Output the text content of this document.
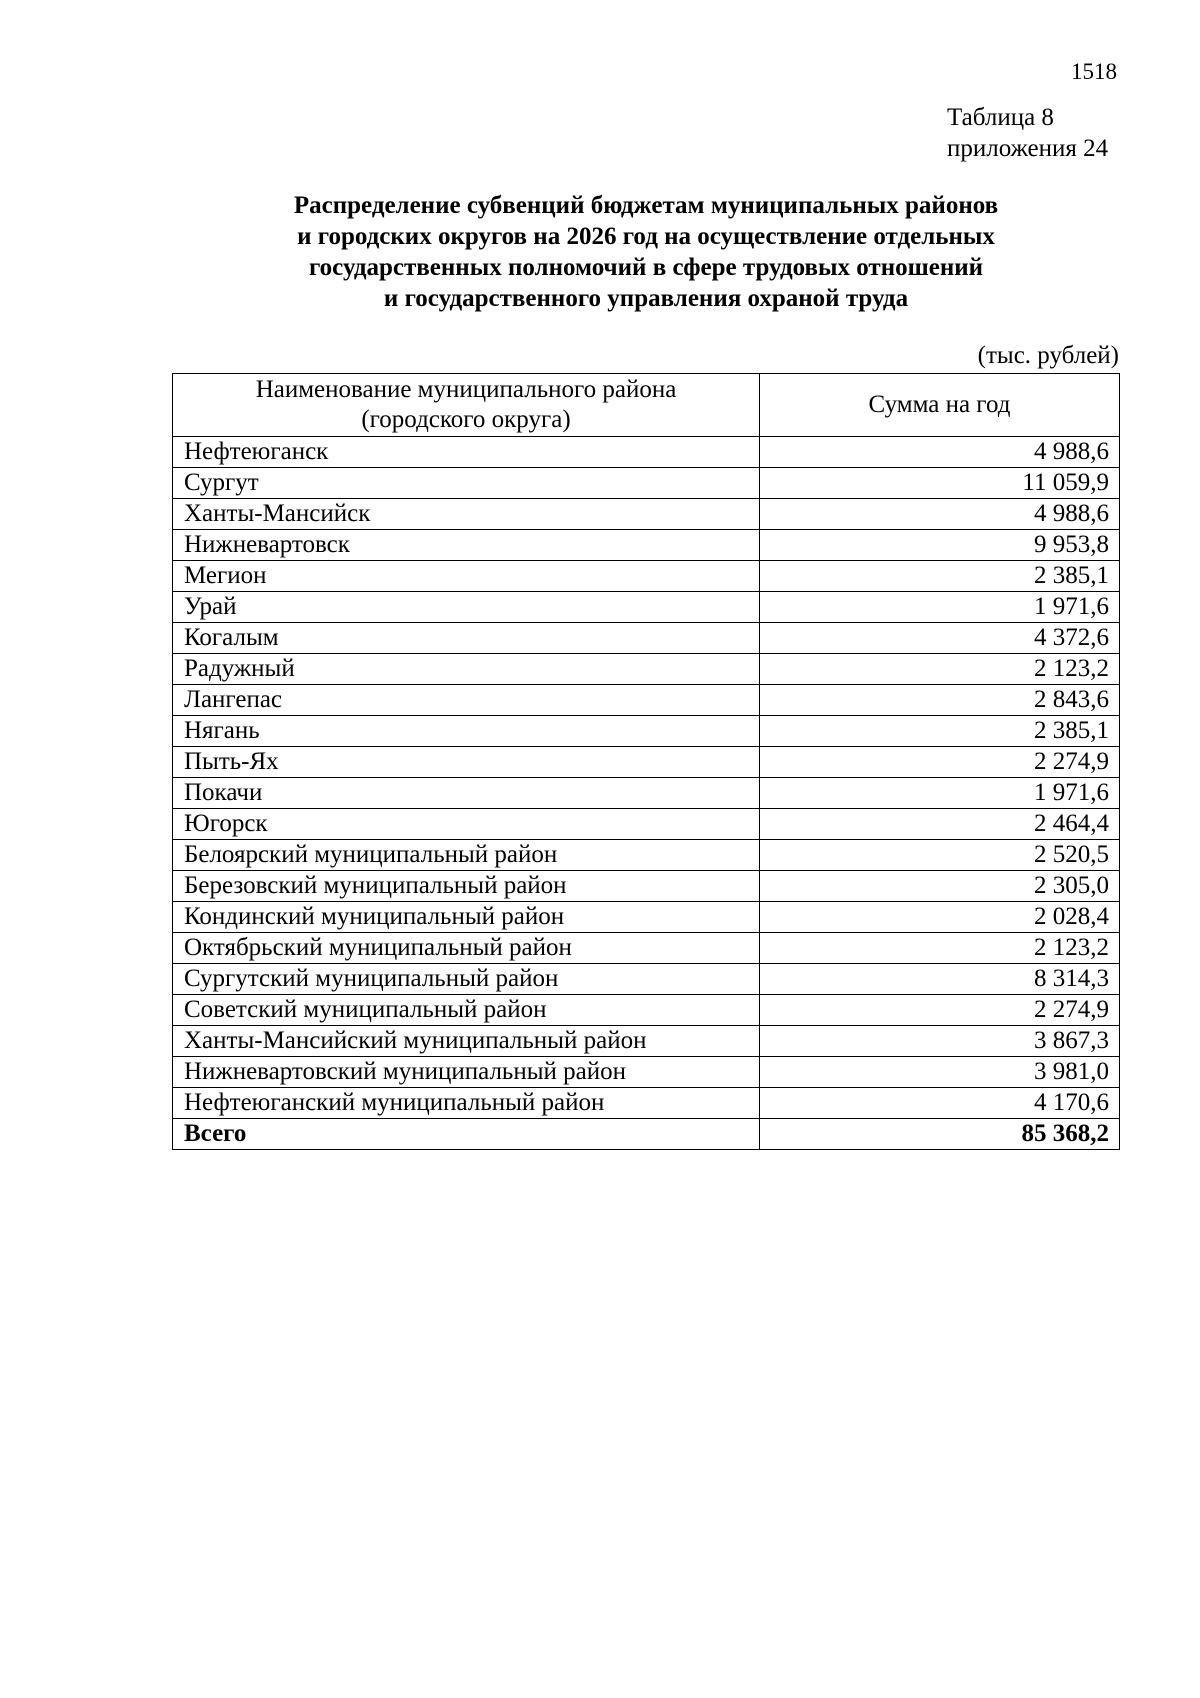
1518
Таблица 8
приложения 24
Распределение субвенций бюджетам муниципальных районов
и городских округов на 2026 год на осуществление отдельных
государственных полномочий в сфере трудовых отношений
и государственного управления охраной труда
(тыс. рублей)
Наименование муниципального района
(городского округа)	Сумма на год
Нефтеюганск	4 988,6
Сургут	11 059,9
Ханты-Мансийск	4 988,6
Нижневартовск	9 953,8
Мегион	2 385,1
Урай	1 971,6
Когалым	4 372,6
Радужный	2 123,2
Лангепас	2 843,6
Нягань	2 385,1
Пыть-Ях	2 274,9
Покачи	1 971,6
Югорск	2 464,4
Белоярский муниципальный район	2 520,5
Березовский муниципальный район	2 305,0
Кондинский муниципальный район	2 028,4
Октябрьский муниципальный район	2 123,2
Сургутский муниципальный район	8 314,3
Советский муниципальный район	2 274,9
Ханты-Мансийский муниципальный район	3 867,3
Нижневартовский муниципальный район	3 981,0
Нефтеюганский муниципальный район	4 170,6
Всего	85 368,2
